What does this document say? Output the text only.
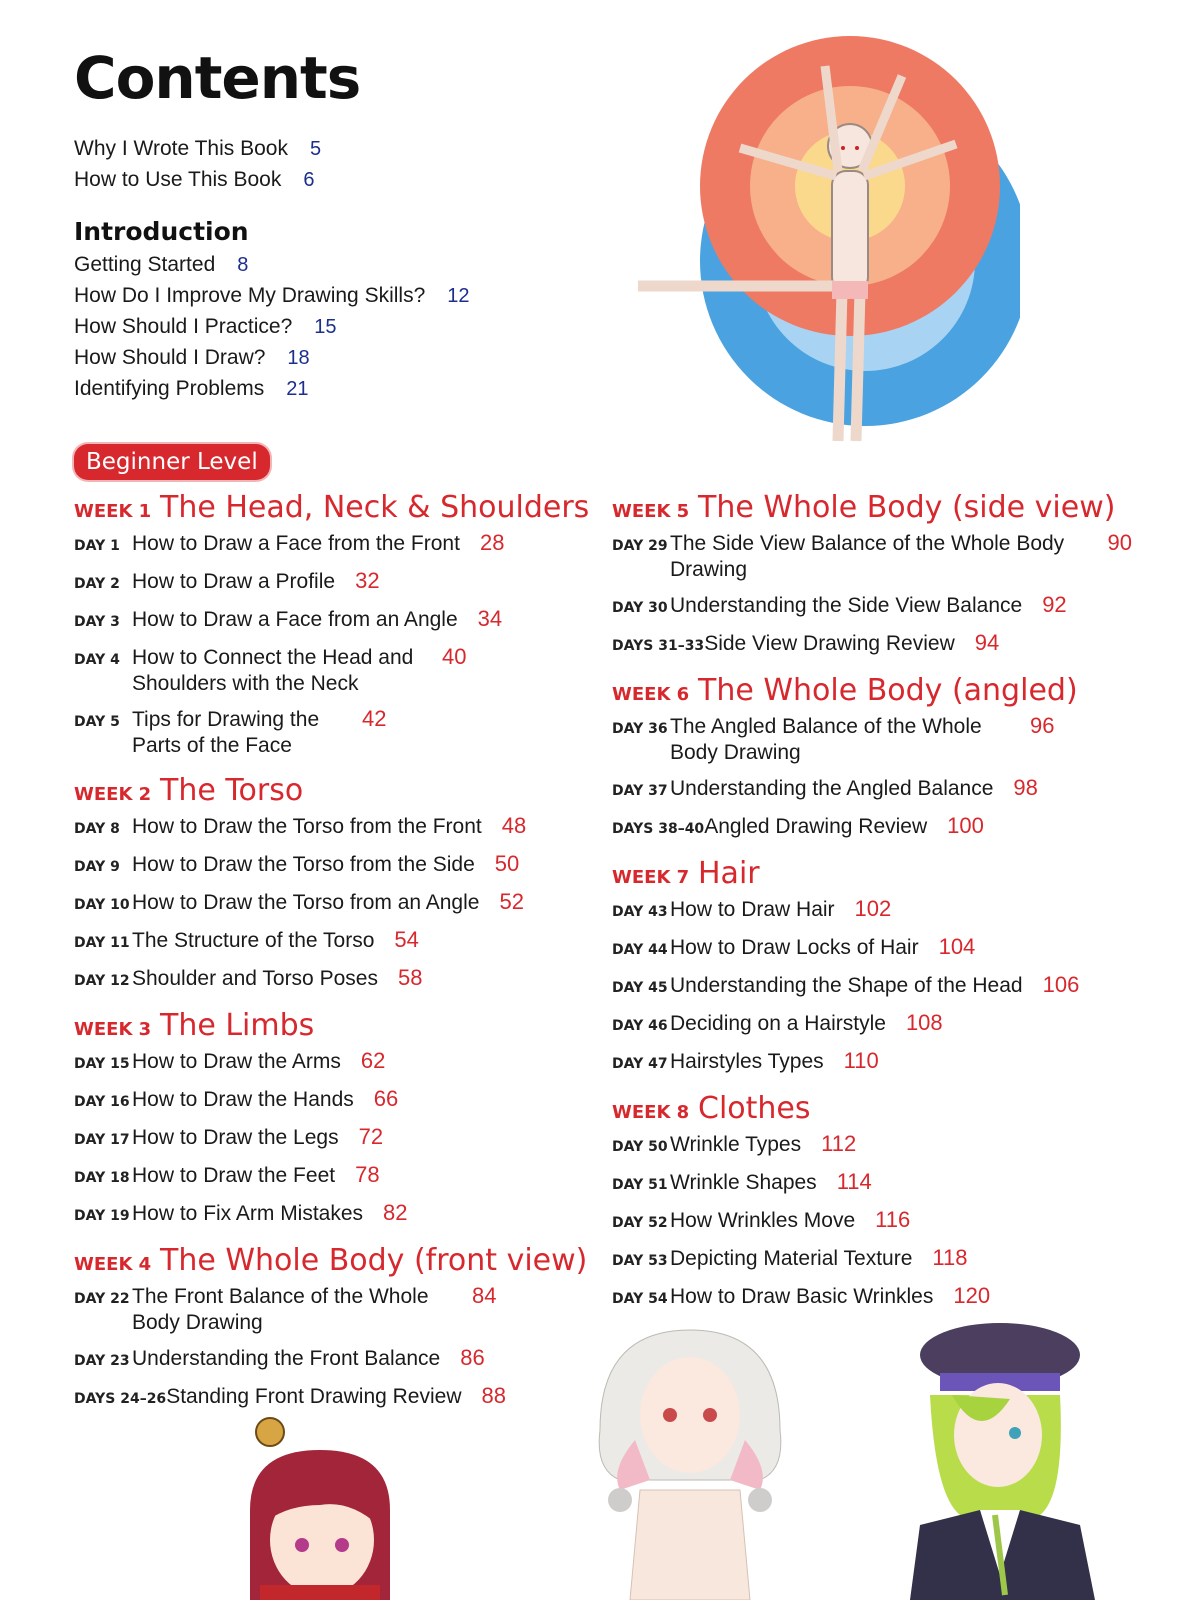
Contents
Why I Wrote This Book 5
How to Use This Book 6
Introduction
Getting Started 8
How Do I Improve My Drawing Skills? 12
How Should I Practice? 15
How Should I Draw? 18
Identifying Problems 21
Beginner Level
WEEK 1 The Head, Neck & Shoulders
DAY 1 How to Draw a Face from the Front 28
DAY 2 How to Draw a Profile 32
DAY 3 How to Draw a Face from an Angle 34
DAY 4 How to Connect the Head and Shoulders with the Neck
40
DAY 5 Tips for Drawing the Parts of the Face
42
WEEK 2 The Torso
DAY 8 How to Draw the Torso from the Front 48
DAY 9 How to Draw the Torso from the Side 50
DAY 10 How to Draw the Torso from an Angle 52
DAY 11 The Structure of the Torso 54
DAY 12 Shoulder and Torso Poses 58
WEEK 3 The Limbs
DAY 15 How to Draw the Arms 62
DAY 16 How to Draw the Hands 66
DAY 17 How to Draw the Legs 72
DAY 18 How to Draw the Feet 78
DAY 19 How to Fix Arm Mistakes 82
WEEK 4 The Whole Body (front view)
DAY 22 The Front Balance of the Whole Body Drawing
84
DAY 23 Understanding the Front Balance 86
DAYS 24–26 Standing Front Drawing Review 88
WEEK 5 The Whole Body (side view)
DAY 29 The Side View Balance of the Whole Body Drawing
90
DAY 30 Understanding the Side View Balance 92
DAYS 31–33 Side View Drawing Review 94
WEEK 6 The Whole Body (angled)
DAY 36 The Angled Balance of the Whole Body Drawing
96
DAY 37 Understanding the Angled Balance 98
DAYS 38–40 Angled Drawing Review 100
WEEK 7 Hair
DAY 43 How to Draw Hair 102
DAY 44 How to Draw Locks of Hair 104
DAY 45 Understanding the Shape of the Head 106
DAY 46 Deciding on a Hairstyle 108
DAY 47 Hairstyles Types 110
WEEK 8 Clothes
DAY 50 Wrinkle Types 112
DAY 51 Wrinkle Shapes 114
DAY 52 How Wrinkles Move 116
DAY 53 Depicting Material Texture 118
DAY 54 How to Draw Basic Wrinkles 120
